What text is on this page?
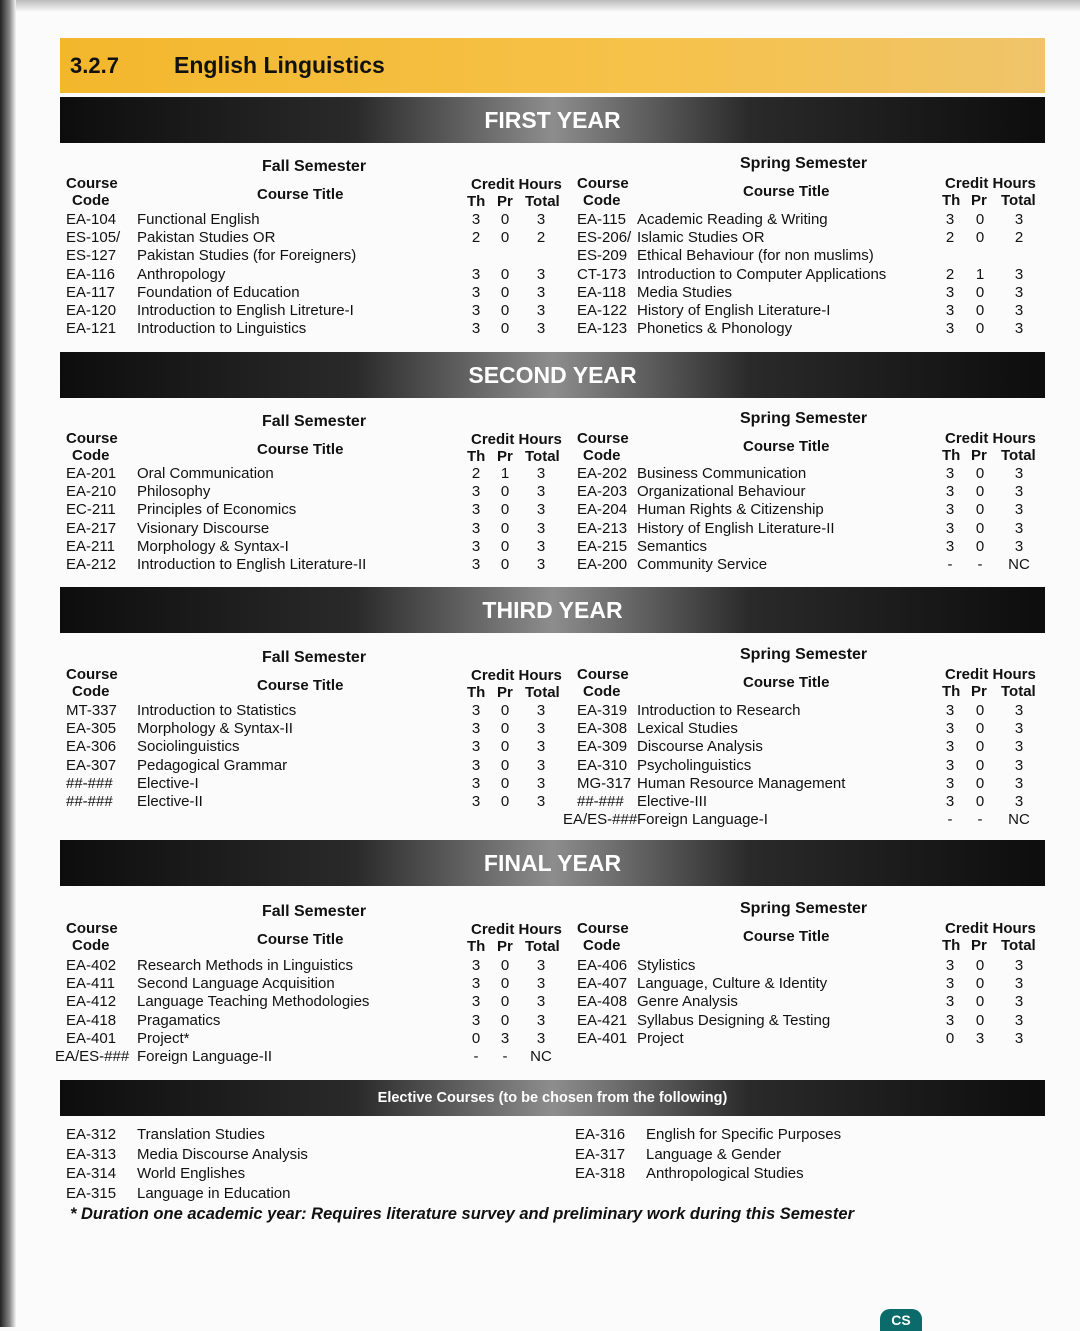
3.2.7	English Linguistics
FIRST YEAR
SECOND YEAR
THIRD YEAR
FINAL YEAR
Elective Courses (to be chosen from the following)
Fall Semester
Course
Code	Course Title
Credit Hours
Th Pr Total
Spring Semester
Course
Code
Course Title	Credit Hours
Th Pr Total
EA-104 Functional English	3 0	3
ES-105/ Pakistan Studies OR	2 0	2
ES-127 Pakistan Studies (for Foreigners)
EA-116 Anthropology	3 0	3
EA-117 Foundation of Education	3 0	3
EA-120 Introduction to English Litreture-I	3 0	3
EA-121 Introduction to Linguistics	3 0	3
EA-115 Academic Reading & Writing	3 0	3
ES-206/ Islamic Studies OR	2 0	2
ES-209 Ethical Behaviour (for non muslims)
CT-173 Introduction to Computer Applications	2 1	3
EA-118 Media Studies	3 0	3
EA-122 History of English Literature-I	3 0	3
EA-123 Phonetics & Phonology	3 0	3
Fall Semester
Course
Code	Course Title
Credit Hours
Th Pr Total
Spring Semester
Course
Code
Course Title	Credit Hours
Th Pr Total
EA-201 Oral Communication	2 1	3
EA-210 Philosophy	3 0	3
EC-211 Principles of Economics	3 0	3
EA-217 Visionary Discourse	3 0	3
EA-211 Morphology & Syntax-I	3 0	3
EA-212 Introduction to English Literature-II	3 0	3
EA-202 Business Communication	3 0	3
EA-203 Organizational Behaviour	3 0	3
EA-204 Human Rights & Citizenship	3 0	3
EA-213 History of English Literature-II	3 0	3
EA-215 Semantics	3 0	3
EA-200 Community Service	-	-	NC
Fall Semester
Course
Code	Course Title
Credit Hours
Th Pr Total
Spring Semester
Course
Code
Course Title	Credit Hours
Th Pr Total
MT-337 Introduction to Statistics	3 0	3
EA-305 Morphology & Syntax-II	3 0	3
EA-306 Sociolinguistics	3 0	3
EA-307 Pedagogical Grammar	3 0	3
##-### Elective-I	3 0	3
##-### Elective-II	3 0	3
EA-319 Introduction to Research	3 0	3
EA-308 Lexical Studies	3 0	3
EA-309 Discourse Analysis	3 0	3
EA-310 Psycholinguistics	3 0	3
MG-317 Human Resource Management	3 0	3
##-### Elective-III	3 0	3
EA/ES-### Foreign Language-I	-	-	NC
Fall Semester
Course
Code	Course Title
Credit Hours
Th Pr Total
Spring Semester
Course
Code
Course Title	Credit Hours
Th Pr Total
EA-402 Research Methods in Linguistics	3 0	3
EA-411 Second Language Acquisition	3 0	3
EA-412 Language Teaching Methodologies	3 0	3
EA-418 Pragamatics	3 0	3
EA-401 Project*	0 3	3
EA/ES-### Foreign Language-II	-	-	NC
EA-406 Stylistics	3 0	3
EA-407 Language, Culture & Identity	3 0	3
EA-408 Genre Analysis	3 0	3
EA-421 Syllabus Designing & Testing	3 0	3
EA-401 Project	0 3	3
EA-312 Translation Studies
EA-313 Media Discourse Analysis
EA-314 World Englishes
EA-315 Language in Education
EA-316 English for Specific Purposes
EA-317 Language & Gender
EA-318 Anthropological Studies
* Duration one academic year: Requires literature survey and preliminary work during this Semester
CS
